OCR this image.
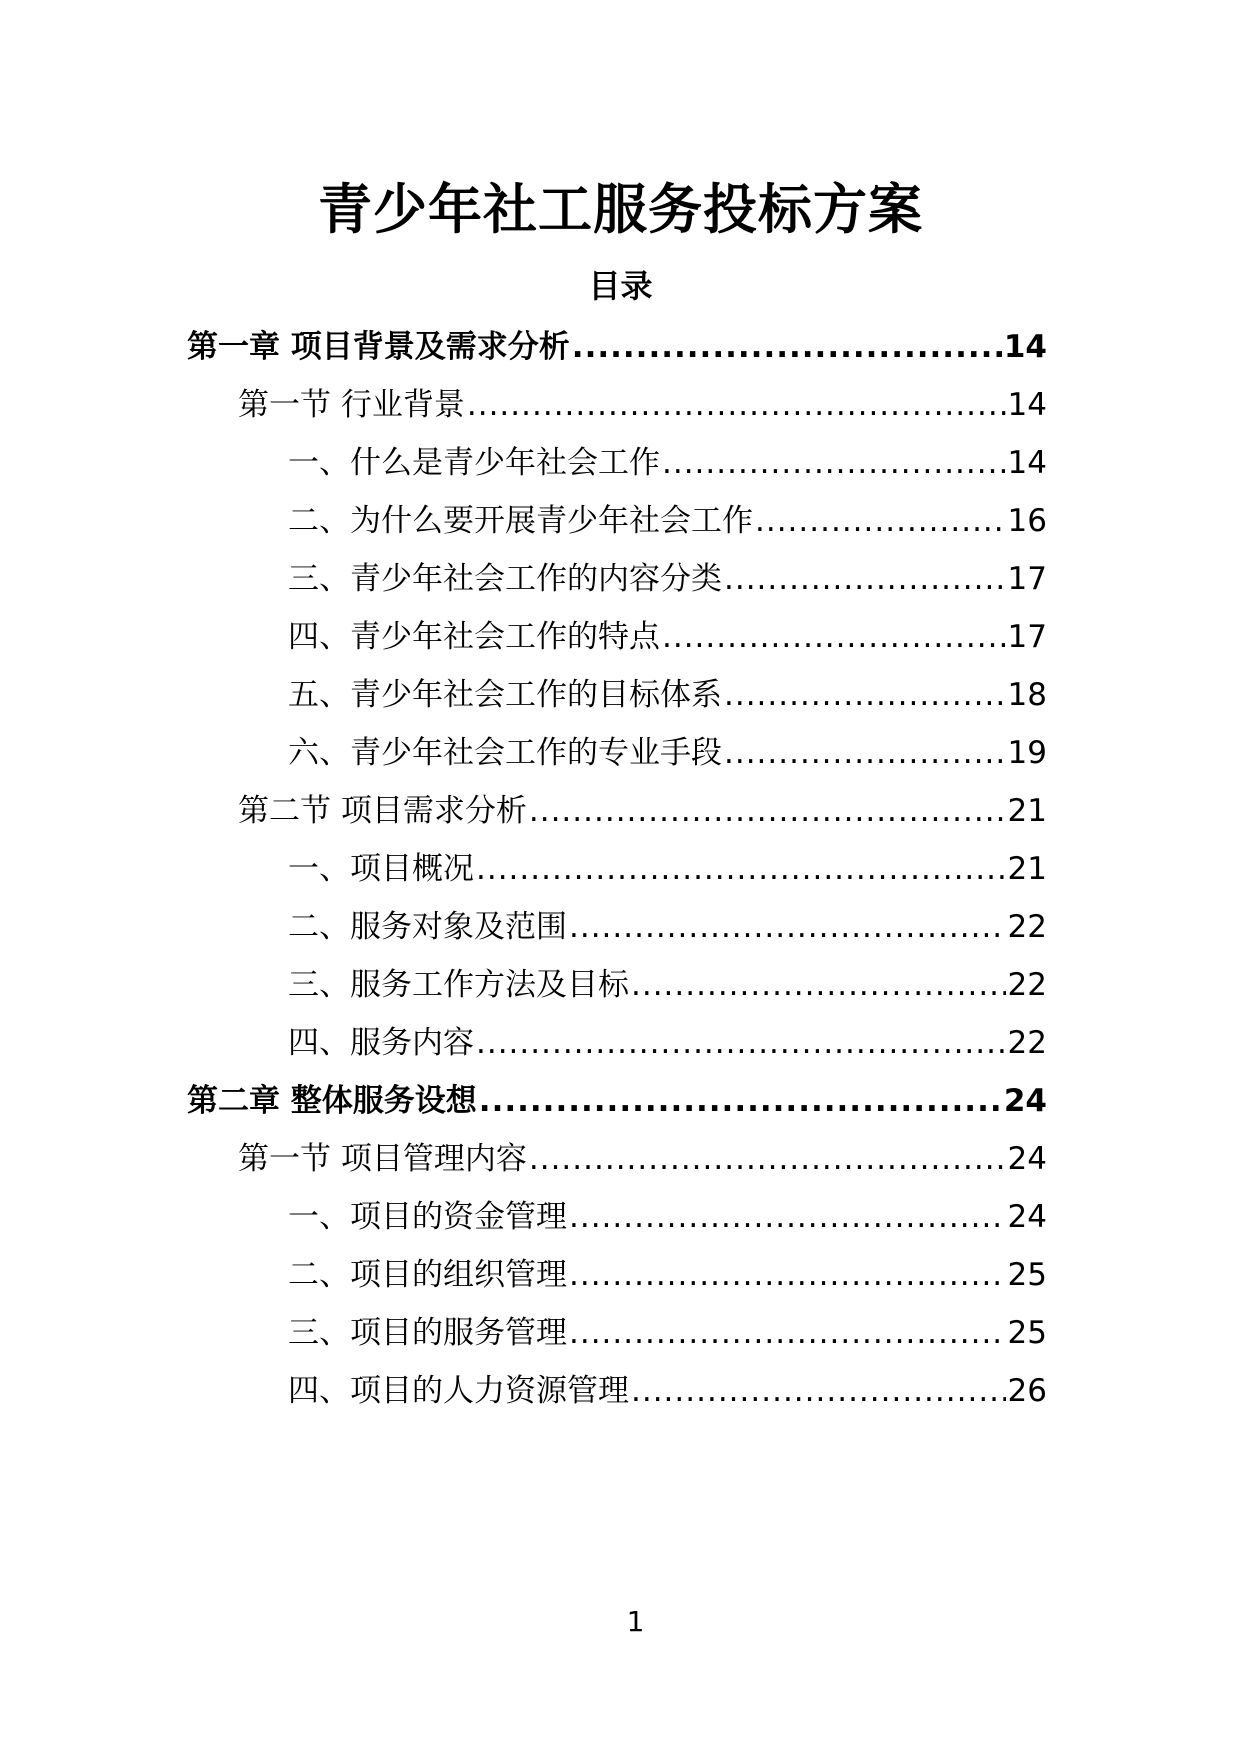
青少年社工服务投标方案
目录
第一章 项目背景及需求分析 .....	14
第一节 行业背景 .....	14
一、什么是青少年社会工作 .....	14
二、为什么要开展青少年社会工作 .....	16
三、青少年社会工作的内容分类 .....	17
四、青少年社会工作的特点 .....	17
五、青少年社会工作的目标体系 .....	18
六、青少年社会工作的专业手段 .....	19
第二节 项目需求分析 .....	21
一、项目概况 .....	21
二、服务对象及范围 .....	22
三、服务工作方法及目标 .....	22
四、服务内容 .....	22
第二章 整体服务设想 .....	24
第一节 项目管理内容 .....	24
一、项目的资金管理 .....	24
二、项目的组织管理 .....	25
三、项目的服务管理 .....	25
四、项目的人力资源管理 .....	26
1
